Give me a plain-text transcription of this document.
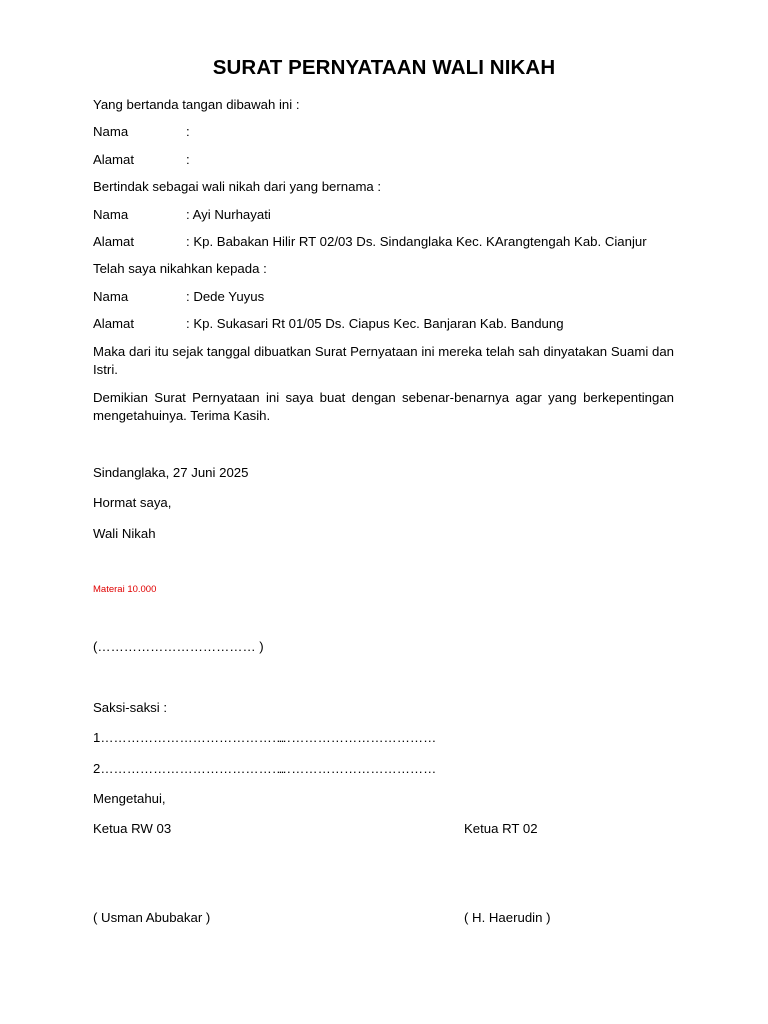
SURAT PERNYATAAN WALI NIKAH
Yang bertanda tangan dibawah ini :
Nama	:
Alamat	:
Bertindak sebagai wali nikah dari yang bernama :
Nama	: Ayi Nurhayati
Alamat	: Kp. Babakan Hilir RT 02/03 Ds. Sindanglaka Kec. KArangtengah Kab. Cianjur
Telah saya nikahkan kepada :
Nama	: Dede Yuyus
Alamat	: Kp. Sukasari Rt 01/05 Ds. Ciapus Kec. Banjaran Kab. Bandung
Maka dari itu sejak tanggal dibuatkan Surat Pernyataan ini mereka telah sah dinyatakan Suami dan Istri.
Demikian Surat Pernyataan ini saya buat dengan sebenar-benarnya agar yang berkepentingan mengetahuinya. Terima Kasih.
Sindanglaka, 27 Juni 2025
Hormat saya,
Wali Nikah
Materai 10.000
(……………………………… )
Saksi-saksi :
1……………………………………
………………………………
2……………………………………
………………………………
Mengetahui,
Ketua RW 03	Ketua RT 02
( Usman Abubakar )	( H. Haerudin )
